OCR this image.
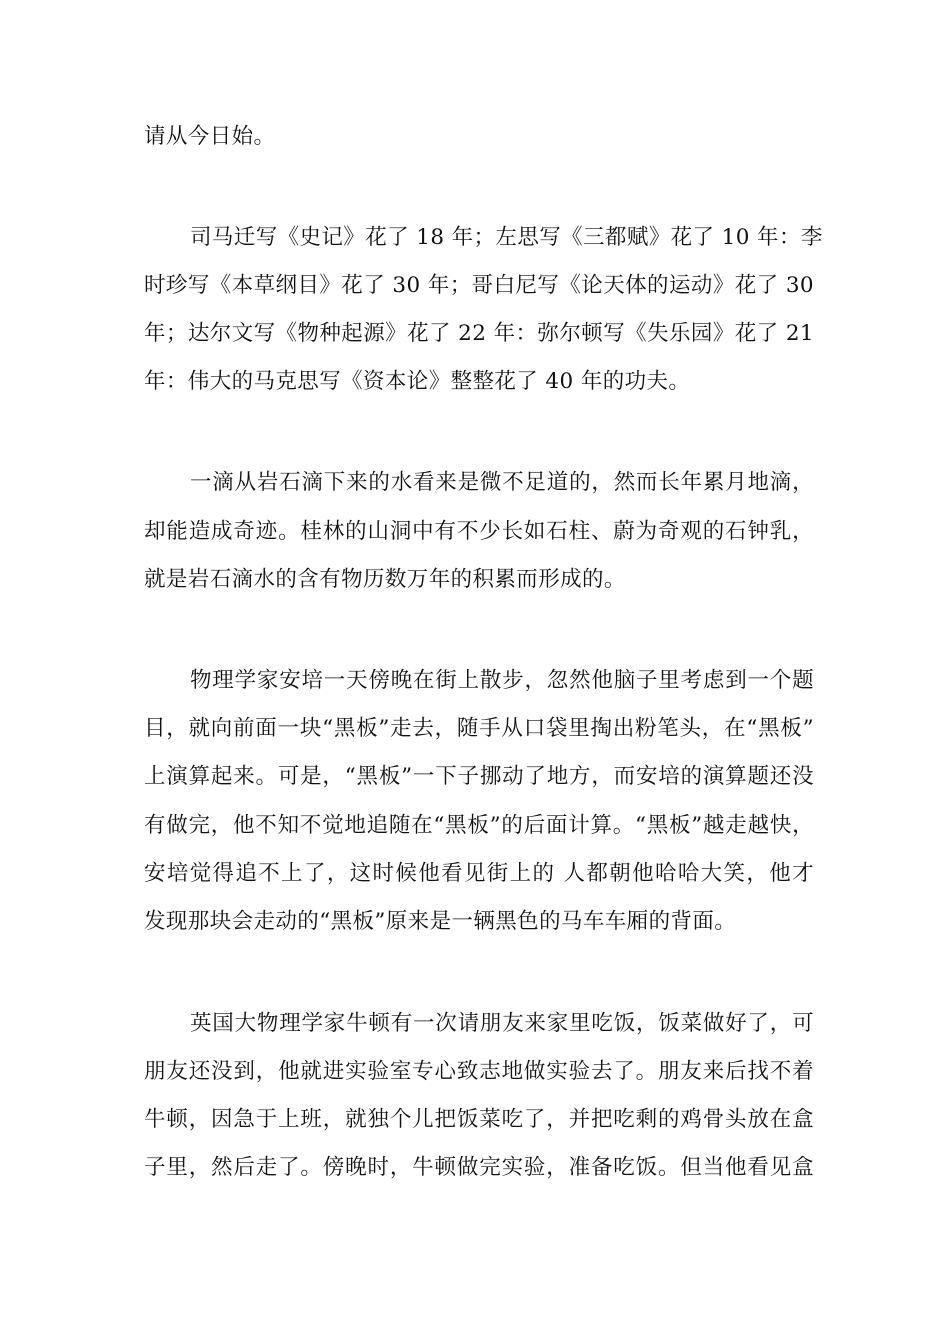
请从今日始。
司马迁写《史记》花了 18 年；左思写《三都赋》花了 10 年：李
时珍写《本草纲目》花了 30 年；哥白尼写《论天体的运动》花了 30
年；达尔文写《物种起源》花了 22 年：弥尔顿写《失乐园》花了 21
年：伟大的马克思写《资本论》整整花了 40 年的功夫。
一滴从岩石滴下来的水看来是微不足道的，然而长年累月地滴，
却能造成奇迹。桂林的山洞中有不少长如石柱、蔚为奇观的石钟乳，
就是岩石滴水的含有物历数万年的积累而形成的。
物理学家安培一天傍晚在街上散步，忽然他脑子里考虑到一个题
目，就向前面一块“黑板”走去，随手从口袋里掏出粉笔头，在“黑板”
上演算起来。可是，“黑板”一下子挪动了地方，而安培的演算题还没
有做完，他不知不觉地追随在“黑板”的后面计算。“黑板”越走越快，
安培觉得追不上了，这时候他看见街上的 人都朝他哈哈大笑，他才
发现那块会走动的“黑板”原来是一辆黑色的马车车厢的背面。
英国大物理学家牛顿有一次请朋友来家里吃饭，饭菜做好了，可
朋友还没到，他就进实验室专心致志地做实验去了。朋友来后找不着
牛顿，因急于上班，就独个儿把饭菜吃了，并把吃剩的鸡骨头放在盒
子里，然后走了。傍晚时，牛顿做完实验，准备吃饭。但当他看见盒
